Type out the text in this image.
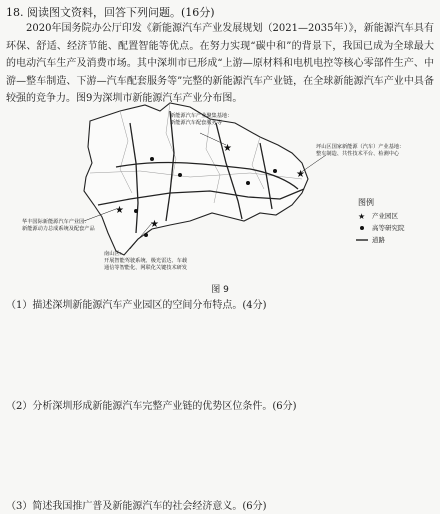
18. 阅读图文资料，回答下列问题。(16分)
2020年国务院办公厅印发《新能源汽车产业发展规划（2021—2035年）》，新能源汽车具有环保、舒适、经济节能、配置智能等优点。在努力实现“碳中和”的背景下，我国已成为全球最大的电动汽车生产及消费市场。其中深圳市已形成“上游—原材料和电机电控等核心零部件生产、中游—整车制造、下游—汽车配套服务等”完整的新能源汽车产业链，在全球新能源汽车产业中具备较强的竞争力。图9为深圳市新能源汽车产业分布图。
★
★
★
★
新能源汽车产业聚集基地：
新能源汽车配套服务等
坪山区国家新能源（汽车）产业基地：
整车制造、共性技术平台、检测中心
华丰国际新能源汽车产业园：
新能源动力总成系统及配套产品
南山区：
开展智能驾驶系统、极光雷达、车载
通信等智能化、网联化关键技术研发
图例
★ 产业园区
高等研究院
道路
图 9
（1）描述深圳新能源汽车产业园区的空间分布特点。(4分)
（2）分析深圳形成新能源汽车完整产业链的优势区位条件。(6分)
（3）简述我国推广普及新能源汽车的社会经济意义。(6分)
